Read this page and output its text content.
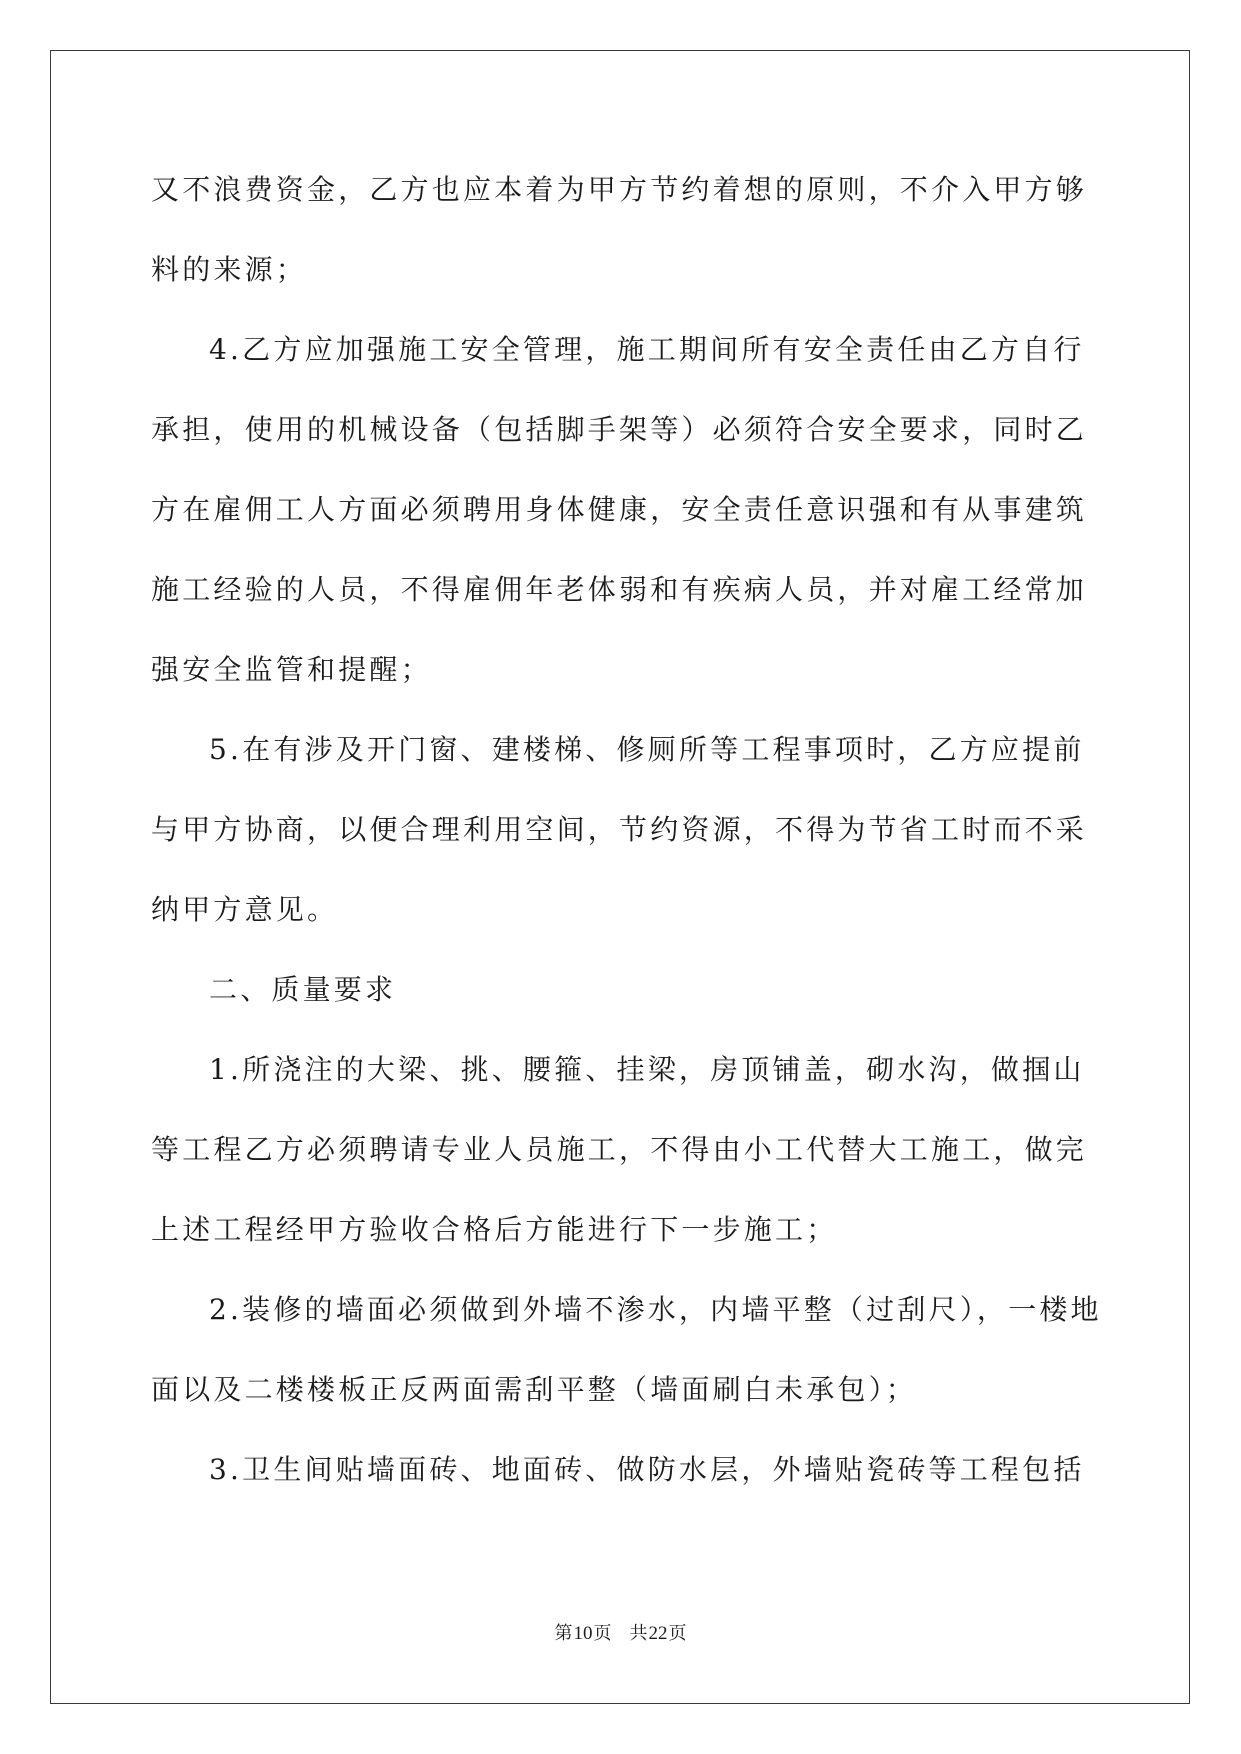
又不浪费资金，乙方也应本着为甲方节约着想的原则，不介入甲方够
料的来源；
4.乙方应加强施工安全管理，施工期间所有安全责任由乙方自行
承担，使用的机械设备（包括脚手架等）必须符合安全要求，同时乙
方在雇佣工人方面必须聘用身体健康，安全责任意识强和有从事建筑
施工经验的人员，不得雇佣年老体弱和有疾病人员，并对雇工经常加
强安全监管和提醒；
5.在有涉及开门窗、建楼梯、修厕所等工程事项时，乙方应提前
与甲方协商，以便合理利用空间，节约资源，不得为节省工时而不采
纳甲方意见。
二、质量要求
1.所浇注的大梁、挑、腰箍、挂梁，房顶铺盖，砌水沟，做掴山
等工程乙方必须聘请专业人员施工，不得由小工代替大工施工，做完
上述工程经甲方验收合格后方能进行下一步施工；
2.装修的墙面必须做到外墙不渗水，内墙平整（过刮尺），一楼地
面以及二楼楼板正反两面需刮平整（墙面刷白未承包）；
3.卫生间贴墙面砖、地面砖、做防水层，外墙贴瓷砖等工程包括
第10页 共22页
